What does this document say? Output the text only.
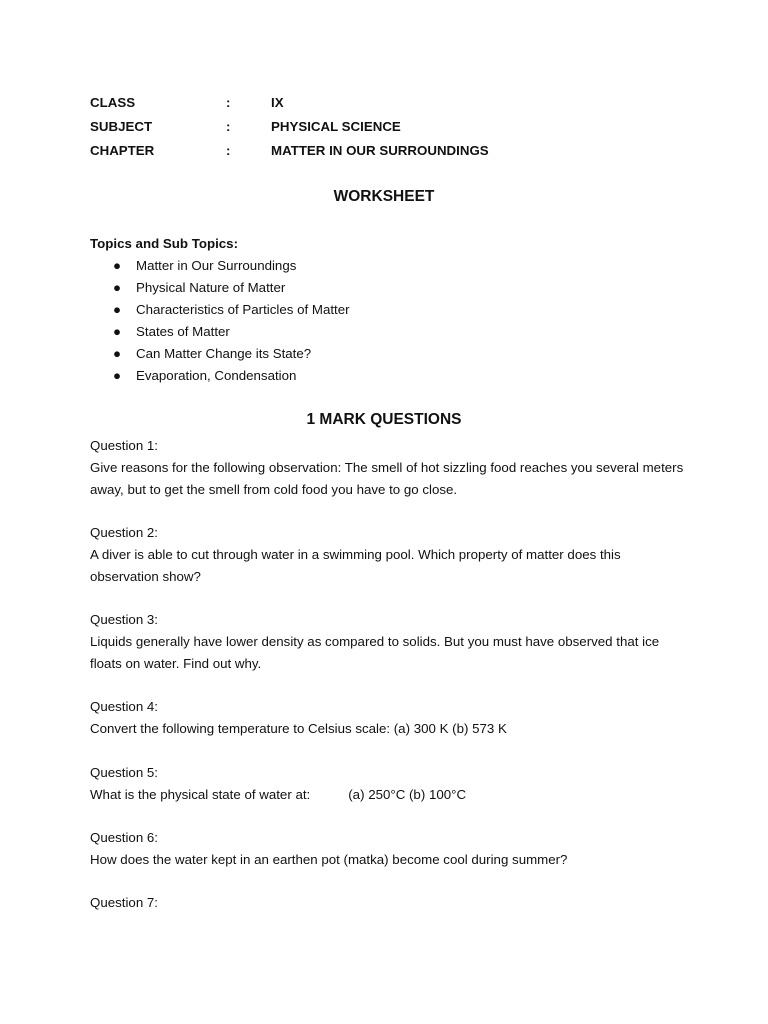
CLASS	:	IX
SUBJECT	:	PHYSICAL SCIENCE
CHAPTER	:	MATTER IN OUR SURROUNDINGS
WORKSHEET
Topics and Sub Topics:
● Matter in Our Surroundings
● Physical Nature of Matter
● Characteristics of Particles of Matter
● States of Matter
● Can Matter Change its State?
● Evaporation, Condensation
1 MARK QUESTIONS
Question 1:
Give reasons for the following observation: The smell of hot sizzling food reaches you several meters away, but to get the smell from cold food you have to go close.
Question 2:
A diver is able to cut through water in a swimming pool. Which property of matter does this observation show?
Question 3:
Liquids generally have lower density as compared to solids. But you must have observed that ice floats on water. Find out why.
Question 4:
Convert the following temperature to Celsius scale: (a) 300 K (b) 573 K
Question 5:
What is the physical state of water at:	(a) 250°C (b) 100°C
Question 6:
How does the water kept in an earthen pot (matka) become cool during summer?
Question 7:
